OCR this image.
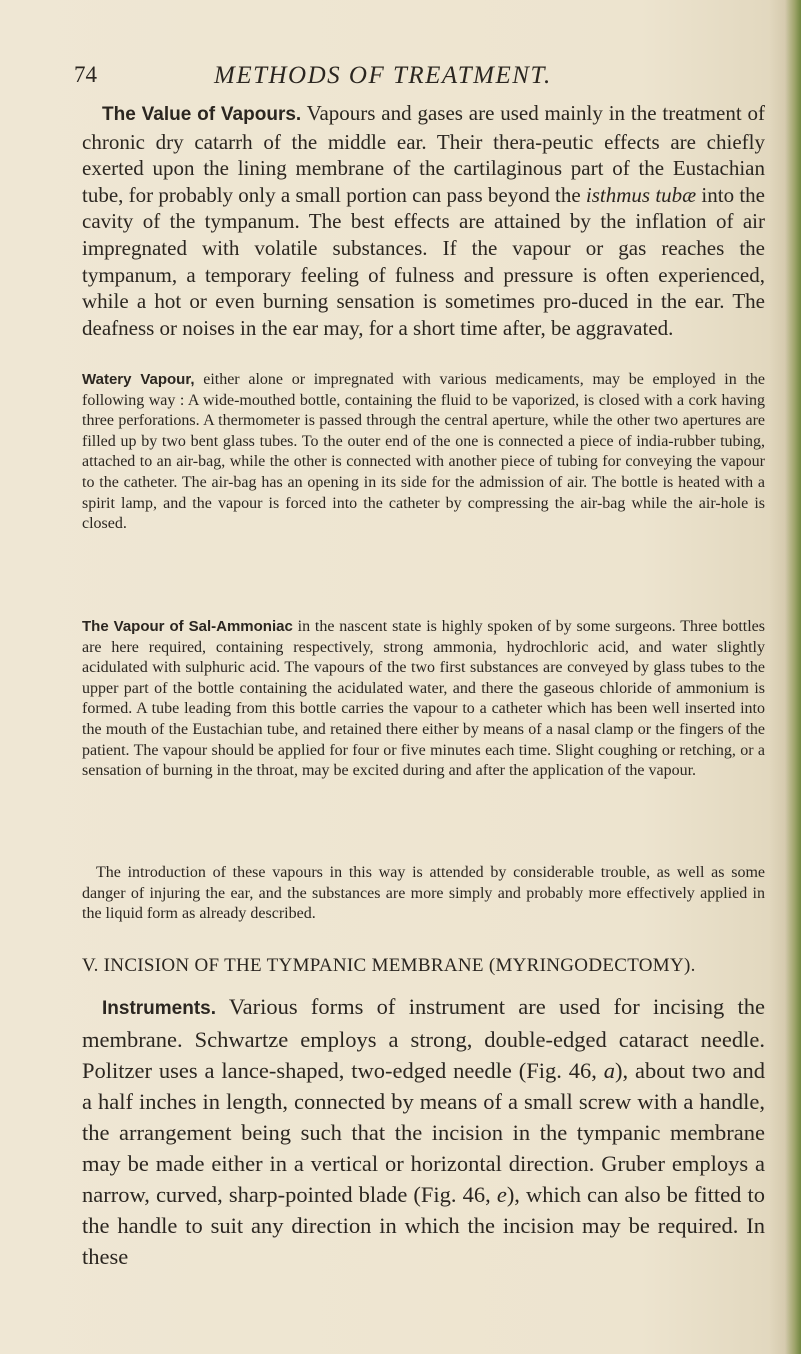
74	METHODS OF TREATMENT.

The Value of Vapours. Vapours and gases are used mainly in the treatment of chronic dry catarrh of the middle ear. Their thera-peutic effects are chiefly exerted upon the lining membrane of the cartilaginous part of the Eustachian tube, for probably only a small portion can pass beyond the isthmus tubæ into the cavity of the tympanum. The best effects are attained by the inflation of air impregnated with volatile substances. If the vapour or gas reaches the tympanum, a temporary feeling of fulness and pressure is often experienced, while a hot or even burning sensation is sometimes pro-duced in the ear. The deafness or noises in the ear may, for a short time after, be aggravated.

Watery Vapour, either alone or impregnated with various medicaments, may be employed in the following way : A wide-mouthed bottle, containing the fluid to be vaporized, is closed with a cork having three perforations. A thermometer is passed through the central aperture, while the other two apertures are filled up by two bent glass tubes. To the outer end of the one is connected a piece of india-rubber tubing, attached to an air-bag, while the other is connected with another piece of tubing for conveying the vapour to the catheter. The air-bag has an opening in its side for the admission of air. The bottle is heated with a spirit lamp, and the vapour is forced into the catheter by compressing the air-bag while the air-hole is closed.

The Vapour of Sal-Ammoniac in the nascent state is highly spoken of by some surgeons. Three bottles are here required, containing respectively, strong ammonia, hydrochloric acid, and water slightly acidulated with sulphuric acid. The vapours of the two first substances are conveyed by glass tubes to the upper part of the bottle containing the acidulated water, and there the gaseous chloride of ammonium is formed. A tube leading from this bottle carries the vapour to a catheter which has been well inserted into the mouth of the Eustachian tube, and retained there either by means of a nasal clamp or the fingers of the patient. The vapour should be applied for four or five minutes each time. Slight coughing or retching, or a sensation of burning in the throat, may be excited during and after the application of the vapour.

The introduction of these vapours in this way is attended by considerable trouble, as well as some danger of injuring the ear, and the substances are more simply and probably more effectively applied in the liquid form as already described.

V. INCISION OF THE TYMPANIC MEMBRANE (MYRINGODECTOMY).

Instruments. Various forms of instrument are used for incising the membrane. Schwartze employs a strong, double-edged cataract needle. Politzer uses a lance-shaped, two-edged needle (Fig. 46, a), about two and a half inches in length, connected by means of a small screw with a handle, the arrangement being such that the incision in the tympanic membrane may be made either in a vertical or horizontal direction. Gruber employs a narrow, curved, sharp-pointed blade (Fig. 46, e), which can also be fitted to the handle to suit any direction in which the incision may be required. In these
